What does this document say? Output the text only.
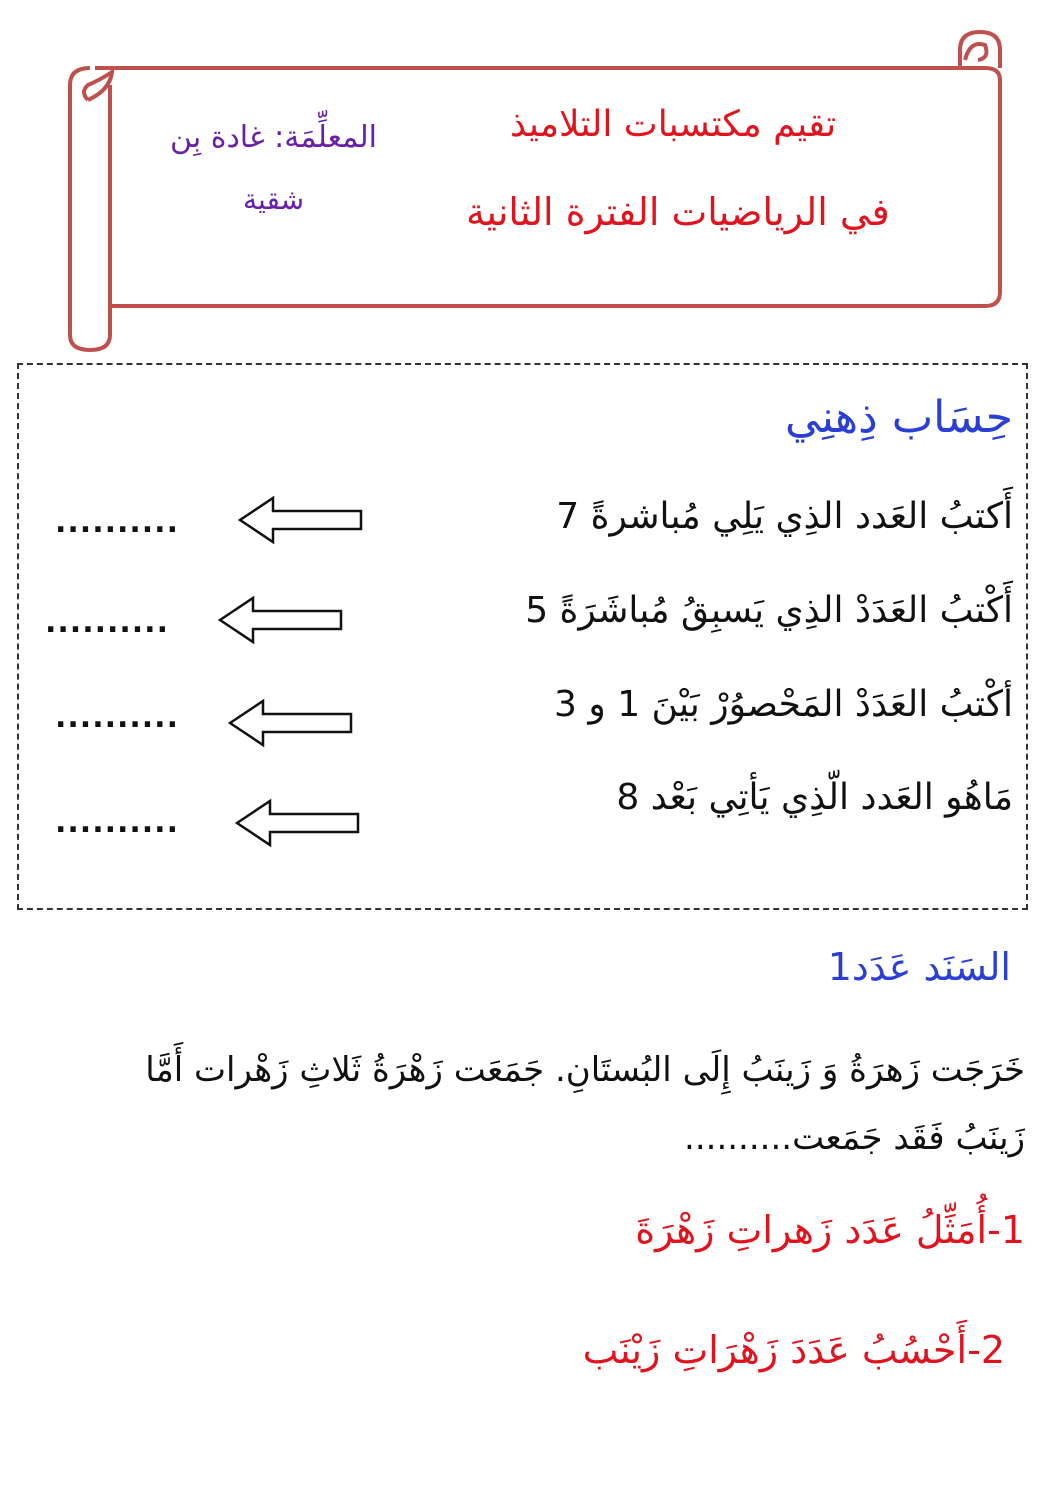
تقيم مكتسبات التلاميذ
في الرياضيات الفترة الثانية
المعلِّمَة: غادة بِن
شقية
حِسَاب ذِهنِي
أَكتبُ العَدد الذِي يَلِي مُباشرةً 7
أَكْتبُ العَدَدْ الذِي يَسبِقُ مُباشَرَةً 5
أكْتبُ العَدَدْ المَحْصوُرْ بَيْنَ 1 و 3
مَاهُو العَدد الّذِي يَأتِي بَعْد 8
..........
..........
..........
..........
السَنَد عَدَد1
خَرَجَت زَهرَةُ وَ زَينَبُ إِلَى البُستَانِ. جَمَعَت زَهْرَةُ ثَلاثِ زَهْرات أَمَّا
زَينَبُ فَقَد جَمَعت..........
1-أُمَثِّلُ عَدَد زَهراتِ زَهْرَةَ
2-أَحْسُبُ عَدَدَ زَهْرَاتِ زَيْنَب
